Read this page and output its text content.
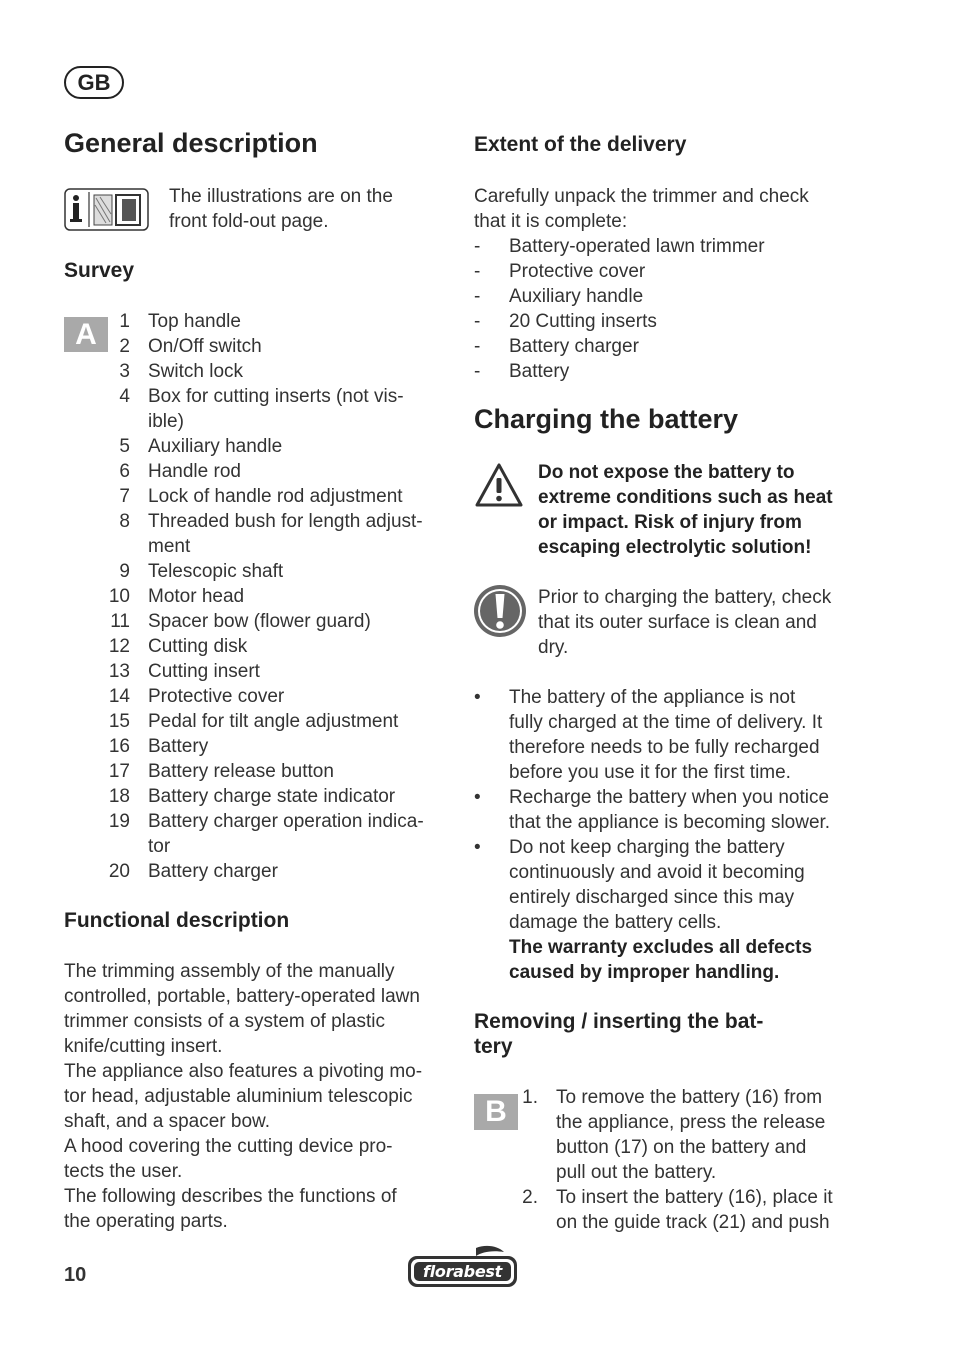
GB
General description
The illustrations are on the
front fold-out page.
Survey
A	1 Top handle
2 On/Off switch
3 Switch lock
4 Box for cutting inserts (not vis-
ible)
5 Auxiliary handle
6 Handle rod
7 Lock of handle rod adjustment
8 Threaded bush for length adjust-
ment
9 Telescopic shaft
10 Motor head
11 Spacer bow (flower guard)
12 Cutting disk
13 Cutting insert
14 Protective cover
15 Pedal for tilt angle adjustment
16 Battery
17 Battery release button
18 Battery charge state indicator
19 Battery charger operation indica-
tor
20 Battery charger
Functional description
The trimming assembly of the manually
controlled, portable, battery-operated lawn
trimmer consists of a system of plastic
knife/cutting insert.
The appliance also features a pivoting mo-
tor head, adjustable aluminium telescopic
shaft, and a spacer bow.
A hood covering the cutting device pro-
tects the user.
The following describes the functions of
the operating parts.
Extent of the delivery
Carefully unpack the trimmer and check
that it is complete:
-	Battery-operated lawn trimmer
-	Protective cover
-	Auxiliary handle
-	20 Cutting inserts
-	Battery charger
-	Battery
Charging the battery
Do not expose the battery to
extreme conditions such as heat
or impact. Risk of injury from
escaping electrolytic solution!
Prior to charging the battery, check
that its outer surface is clean and
dry.
•	The battery of the appliance is not
fully charged at the time of delivery. It
therefore needs to be fully recharged
before you use it for the first time.
•	Recharge the battery when you notice
that the appliance is becoming slower.
•	Do not keep charging the battery
continuously and avoid it becoming
entirely discharged since this may
damage the battery cells.
The warranty excludes all defects
caused by improper handling.
Removing / inserting the bat-
tery
B 1. To remove the battery (16) from
the appliance, press the release
button (17) on the battery and
pull out the battery.
2. To insert the battery (16), place it
on the guide track (21) and push
10	florabest
